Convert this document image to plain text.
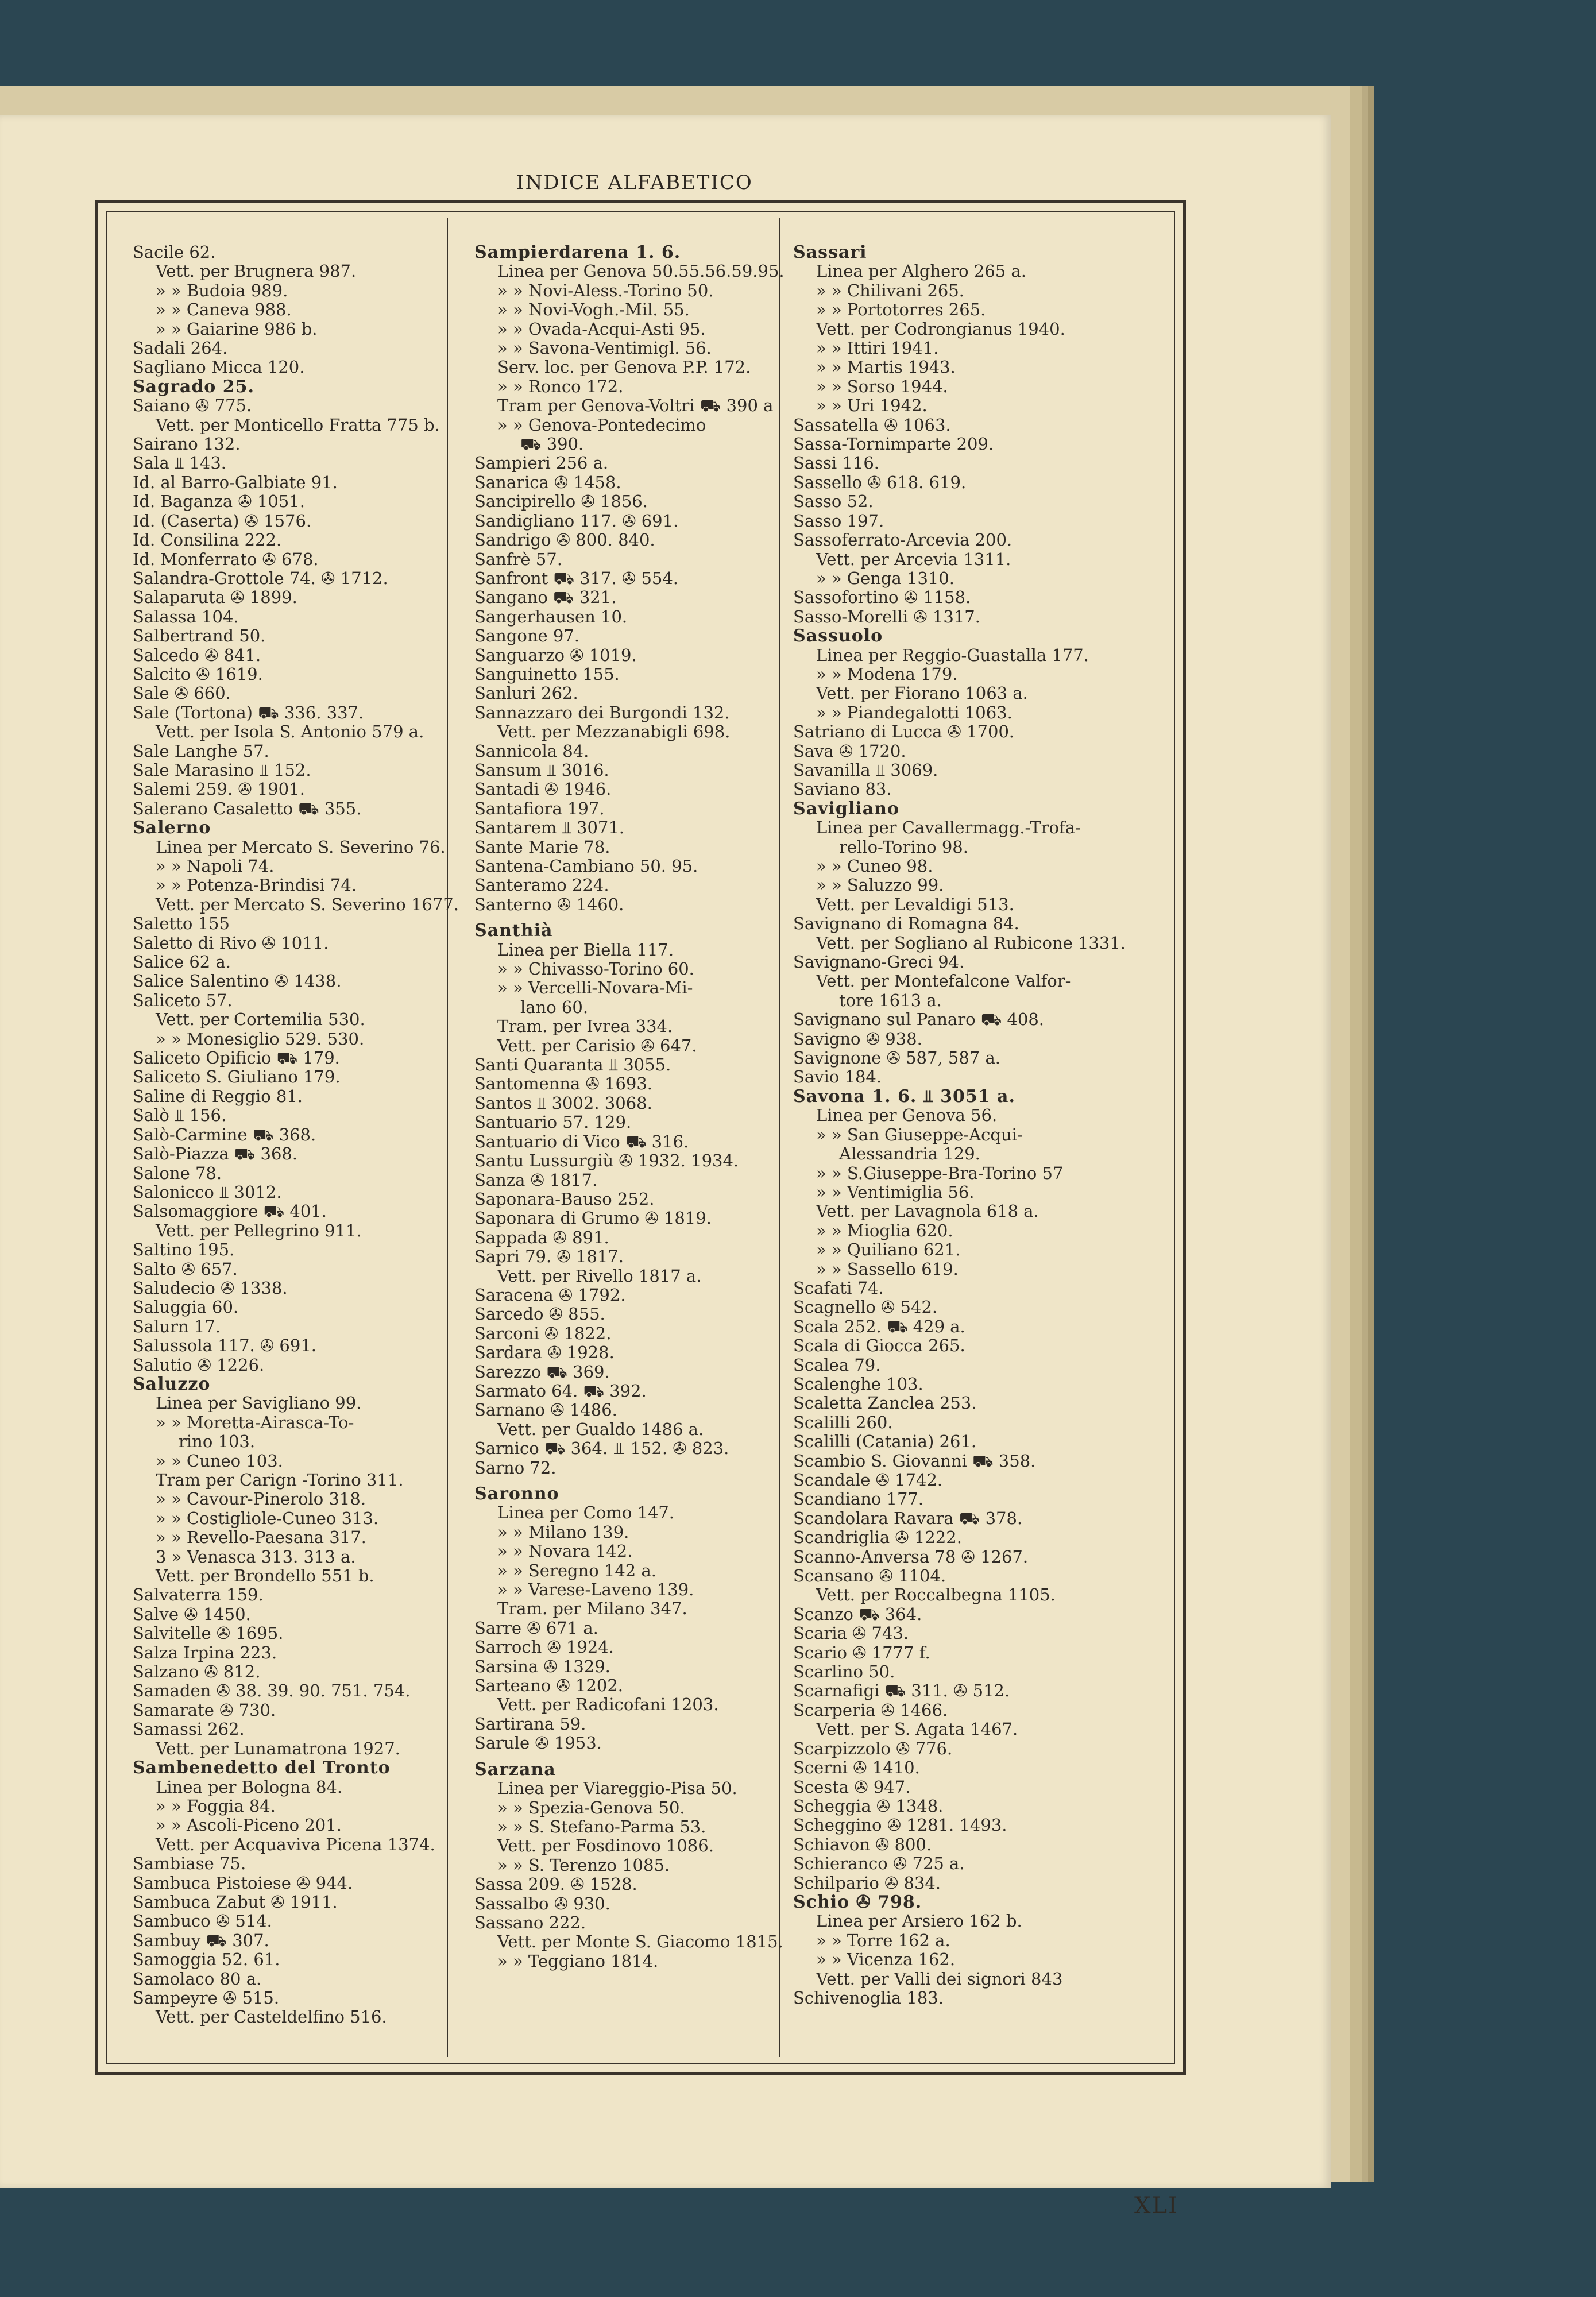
INDICE ALFABETICO
Sacile 62.
Vett. per Brugnera 987.
» » Budoia 989.
» » Caneva 988.
» » Gaiarine 986 b.
Sadali 264.
Sagliano Micca 120.
Sagrado 25.
Saiano ✇ 775.
Vett. per Monticello Fratta 775 b.
Sairano 132.
Sala ⫫ 143.
Id. al Barro-Galbiate 91.
Id. Baganza ✇ 1051.
Id. (Caserta) ✇ 1576.
Id. Consilina 222.
Id. Monferrato ✇ 678.
Salandra-Grottole 74. ✇ 1712.
Salaparuta ✇ 1899.
Salassa 104.
Salbertrand 50.
Salcedo ✇ 841.
Salcito ✇ 1619.
Sale ✇ 660.
Sale (Tortona) ⛟ 336. 337.
Vett. per Isola S. Antonio 579 a.
Sale Langhe 57.
Sale Marasino ⫫ 152.
Salemi 259. ✇ 1901.
Salerano Casaletto ⛟ 355.
Salerno
Linea per Mercato S. Severino 76.
» » Napoli 74.
» » Potenza-Brindisi 74.
Vett. per Mercato S. Severino 1677.
Saletto 155
Saletto di Rivo ✇ 1011.
Salice 62 a.
Salice Salentino ✇ 1438.
Saliceto 57.
Vett. per Cortemilia 530.
» » Monesiglio 529. 530.
Saliceto Opificio ⛟ 179.
Saliceto S. Giuliano 179.
Saline di Reggio 81.
Salò ⫫ 156.
Salò-Carmine ⛟ 368.
Salò-Piazza ⛟ 368.
Salone 78.
Salonicco ⫫ 3012.
Salsomaggiore ⛟ 401.
Vett. per Pellegrino 911.
Saltino 195.
Salto ✇ 657.
Saludecio ✇ 1338.
Saluggia 60.
Salurn 17.
Salussola 117. ✇ 691.
Salutio ✇ 1226.
Saluzzo
Linea per Savigliano 99.
» » Moretta-Airasca-To-
rino 103.
» » Cuneo 103.
Tram per Carign -Torino 311.
» » Cavour-Pinerolo 318.
» » Costigliole-Cuneo 313.
» » Revello-Paesana 317.
3 » Venasca 313. 313 a.
Vett. per Brondello 551 b.
Salvaterra 159.
Salve ✇ 1450.
Salvitelle ✇ 1695.
Salza Irpina 223.
Salzano ✇ 812.
Samaden ✇ 38. 39. 90. 751. 754.
Samarate ✇ 730.
Samassi 262.
Vett. per Lunamatrona 1927.
Sambenedetto del Tronto
Linea per Bologna 84.
» » Foggia 84.
» » Ascoli-Piceno 201.
Vett. per Acquaviva Picena 1374.
Sambiase 75.
Sambuca Pistoiese ✇ 944.
Sambuca Zabut ✇ 1911.
Sambuco ✇ 514.
Sambuy ⛟ 307.
Samoggia 52. 61.
Samolaco 80 a.
Sampeyre ✇ 515.
Vett. per Casteldelfino 516.
Sampierdarena 1. 6.
Linea per Genova 50.55.56.59.95.
» » Novi-Aless.-Torino 50.
» » Novi-Vogh.-Mil. 55.
» » Ovada-Acqui-Asti 95.
» » Savona-Ventimigl. 56.
Serv. loc. per Genova P.P. 172.
» » Ronco 172.
Tram per Genova-Voltri ⛟ 390 a
» » Genova-Pontedecimo
⛟ 390.
Sampieri 256 a.
Sanarica ✇ 1458.
Sancipirello ✇ 1856.
Sandigliano 117. ✇ 691.
Sandrigo ✇ 800. 840.
Sanfrè 57.
Sanfront ⛟ 317. ✇ 554.
Sangano ⛟ 321.
Sangerhausen 10.
Sangone 97.
Sanguarzo ✇ 1019.
Sanguinetto 155.
Sanluri 262.
Sannazzaro dei Burgondi 132.
Vett. per Mezzanabigli 698.
Sannicola 84.
Sansum ⫫ 3016.
Santadi ✇ 1946.
Santafiora 197.
Santarem ⫫ 3071.
Sante Marie 78.
Santena-Cambiano 50. 95.
Santeramo 224.
Santerno ✇ 1460.
Santhià
Linea per Biella 117.
» » Chivasso-Torino 60.
» » Vercelli-Novara-Mi-
lano 60.
Tram. per Ivrea 334.
Vett. per Carisio ✇ 647.
Santi Quaranta ⫫ 3055.
Santomenna ✇ 1693.
Santos ⫫ 3002. 3068.
Santuario 57. 129.
Santuario di Vico ⛟ 316.
Santu Lussurgiù ✇ 1932. 1934.
Sanza ✇ 1817.
Saponara-Bauso 252.
Saponara di Grumo ✇ 1819.
Sappada ✇ 891.
Sapri 79. ✇ 1817.
Vett. per Rivello 1817 a.
Saracena ✇ 1792.
Sarcedo ✇ 855.
Sarconi ✇ 1822.
Sardara ✇ 1928.
Sarezzo ⛟ 369.
Sarmato 64. ⛟ 392.
Sarnano ✇ 1486.
Vett. per Gualdo 1486 a.
Sarnico ⛟ 364. ⫫ 152. ✇ 823.
Sarno 72.
Saronno
Linea per Como 147.
» » Milano 139.
» » Novara 142.
» » Seregno 142 a.
» » Varese-Laveno 139.
Tram. per Milano 347.
Sarre ✇ 671 a.
Sarroch ✇ 1924.
Sarsina ✇ 1329.
Sarteano ✇ 1202.
Vett. per Radicofani 1203.
Sartirana 59.
Sarule ✇ 1953.
Sarzana
Linea per Viareggio-Pisa 50.
» » Spezia-Genova 50.
» » S. Stefano-Parma 53.
Vett. per Fosdinovo 1086.
» » S. Terenzo 1085.
Sassa 209. ✇ 1528.
Sassalbo ✇ 930.
Sassano 222.
Vett. per Monte S. Giacomo 1815.
» » Teggiano 1814.
Sassari
Linea per Alghero 265 a.
» » Chilivani 265.
» » Portotorres 265.
Vett. per Codrongianus 1940.
» » Ittiri 1941.
» » Martis 1943.
» » Sorso 1944.
» » Uri 1942.
Sassatella ✇ 1063.
Sassa-Tornimparte 209.
Sassi 116.
Sassello ✇ 618. 619.
Sasso 52.
Sasso 197.
Sassoferrato-Arcevia 200.
Vett. per Arcevia 1311.
» » Genga 1310.
Sassofortino ✇ 1158.
Sasso-Morelli ✇ 1317.
Sassuolo
Linea per Reggio-Guastalla 177.
» » Modena 179.
Vett. per Fiorano 1063 a.
» » Piandegalotti 1063.
Satriano di Lucca ✇ 1700.
Sava ✇ 1720.
Savanilla ⫫ 3069.
Saviano 83.
Savigliano
Linea per Cavallermagg.-Trofa-
rello-Torino 98.
» » Cuneo 98.
» » Saluzzo 99.
Vett. per Levaldigi 513.
Savignano di Romagna 84.
Vett. per Sogliano al Rubicone 1331.
Savignano-Greci 94.
Vett. per Montefalcone Valfor-
tore 1613 a.
Savignano sul Panaro ⛟ 408.
Savigno ✇ 938.
Savignone ✇ 587, 587 a.
Savio 184.
Savona 1. 6. ⫫ 3051 a.
Linea per Genova 56.
» » San Giuseppe-Acqui-
Alessandria 129.
» » S.Giuseppe-Bra-Torino 57
» » Ventimiglia 56.
Vett. per Lavagnola 618 a.
» » Mioglia 620.
» » Quiliano 621.
» » Sassello 619.
Scafati 74.
Scagnello ✇ 542.
Scala 252. ⛟ 429 a.
Scala di Giocca 265.
Scalea 79.
Scalenghe 103.
Scaletta Zanclea 253.
Scalilli 260.
Scalilli (Catania) 261.
Scambio S. Giovanni ⛟ 358.
Scandale ✇ 1742.
Scandiano 177.
Scandolara Ravara ⛟ 378.
Scandriglia ✇ 1222.
Scanno-Anversa 78 ✇ 1267.
Scansano ✇ 1104.
Vett. per Roccalbegna 1105.
Scanzo ⛟ 364.
Scaria ✇ 743.
Scario ✇ 1777 f.
Scarlino 50.
Scarnafigi ⛟ 311. ✇ 512.
Scarperia ✇ 1466.
Vett. per S. Agata 1467.
Scarpizzolo ✇ 776.
Scerni ✇ 1410.
Scesta ✇ 947.
Scheggia ✇ 1348.
Scheggino ✇ 1281. 1493.
Schiavon ✇ 800.
Schieranco ✇ 725 a.
Schilpario ✇ 834.
Schio ✇ 798.
Linea per Arsiero 162 b.
» » Torre 162 a.
» » Vicenza 162.
Vett. per Valli dei signori 843
Schivenoglia 183.
XLI
